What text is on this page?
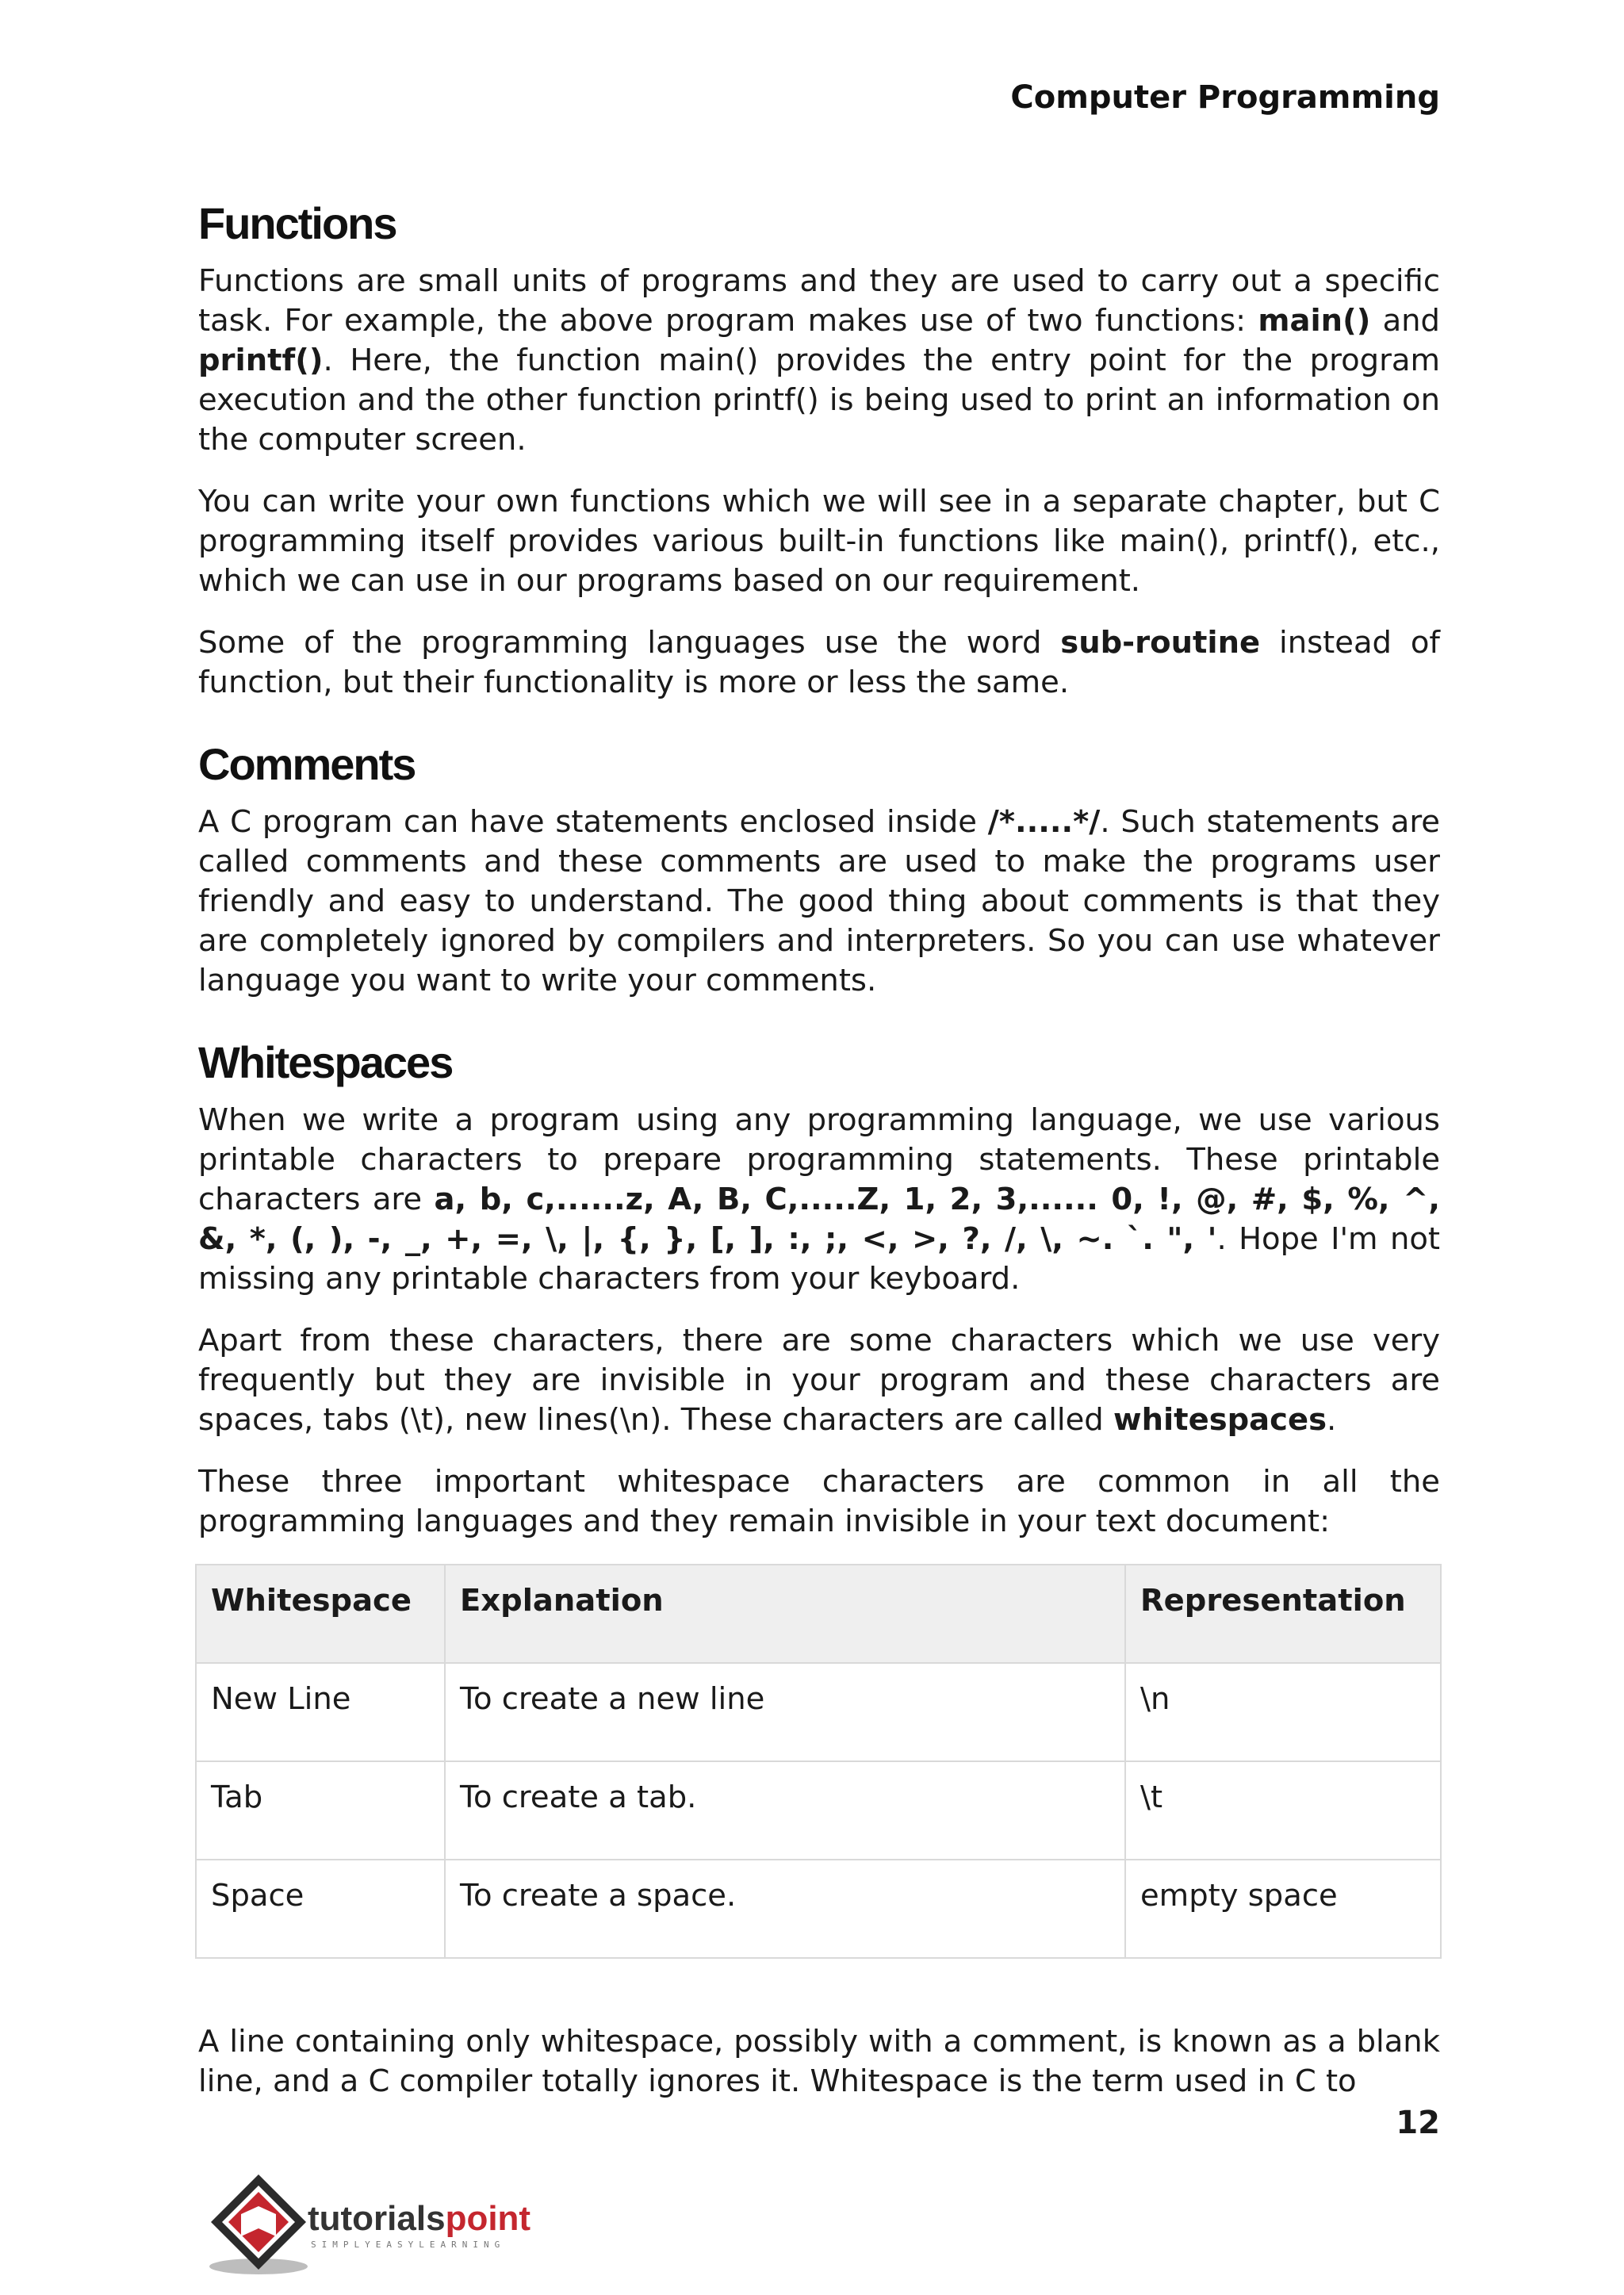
Computer Programming
Functions

Functions are small units of programs and they are used to carry out a specific task. For example, the above program makes use of two functions: main() and printf(). Here, the function main() provides the entry point for the program execution and the other function printf() is being used to print an information on the computer screen.

You can write your own functions which we will see in a separate chapter, but C programming itself provides various built-in functions like main(), printf(), etc., which we can use in our programs based on our requirement.

Some of the programming languages use the word sub-routine instead of function, but their functionality is more or less the same.

Comments

A C program can have statements enclosed inside /*.....*/. Such statements are called comments and these comments are used to make the programs user friendly and easy to understand. The good thing about comments is that they are completely ignored by compilers and interpreters. So you can use whatever language you want to write your comments.

Whitespaces

When we write a program using any programming language, we use various printable characters to prepare programming statements. These printable characters are a, b, c,......z, A, B, C,.....Z, 1, 2, 3,...... 0, !, @, #, $, %, ^, &, *, (, ), -, _, +, =, \, |, {, }, [, ], :, ;, <, >, ?, /, \, ~. `. ", '. Hope I'm not missing any printable characters from your keyboard.

Apart from these characters, there are some characters which we use very frequently but they are invisible in your program and these characters are spaces, tabs (\t), new lines(\n). These characters are called whitespaces.

These three important whitespace characters are common in all the programming languages and they remain invisible in your text document:

Whitespace	Explanation	Representation
New Line	To create a new line	\n
Tab	To create a tab.	\t
Space	To create a space.	empty space

A line containing only whitespace, possibly with a comment, is known as a blank line, and a C compiler totally ignores it. Whitespace is the term used in C to

12
tutorialspoint
SIMPLYEASYLEARNING
